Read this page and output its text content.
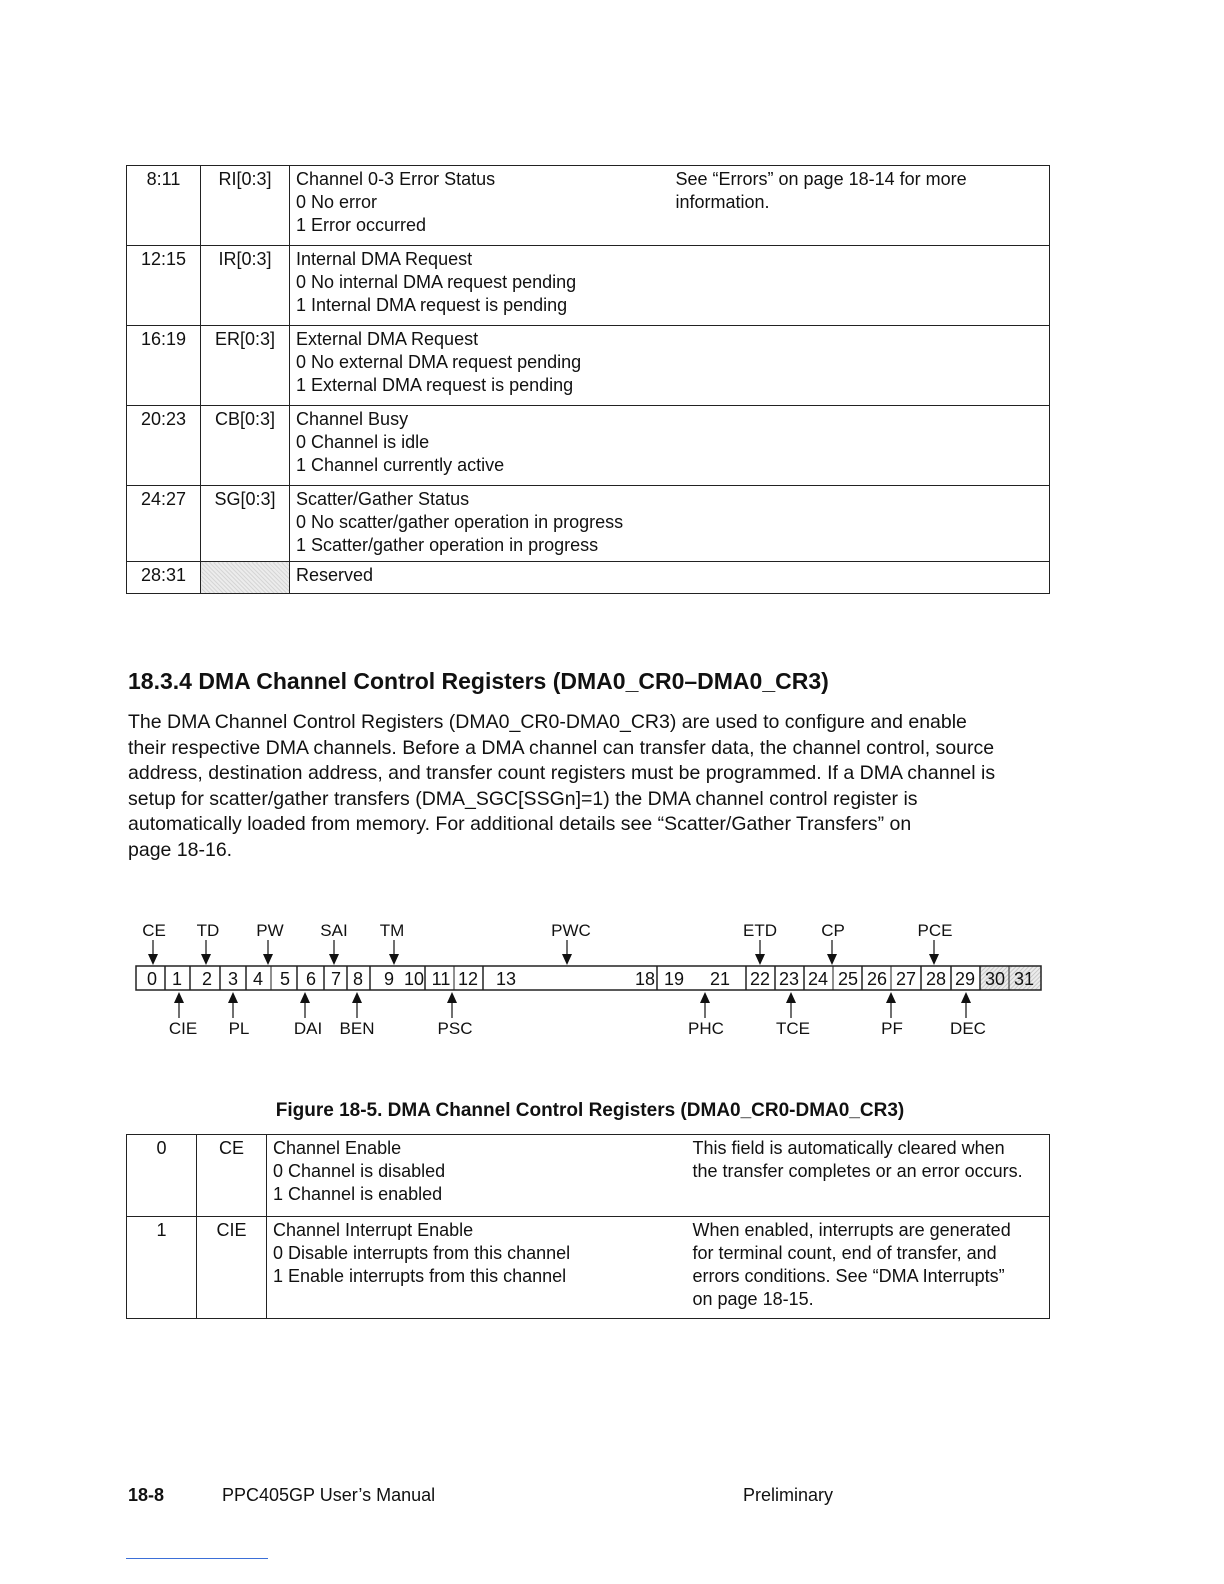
8:11	RI[0:3]	Channel 0-3 Error Status
0 No error
1 Error occurred	See “Errors” on page 18-14 for more
information.

12:15	IR[0:3]	Internal DMA Request
0 No internal DMA request pending
1 Internal DMA request is pending	

16:19	ER[0:3]	External DMA Request
0 No external DMA request pending
1 External DMA request is pending	

20:23	CB[0:3]	Channel Busy
0 Channel is idle
1 Channel currently active	

24:27	SG[0:3]	Scatter/Gather Status
0 No scatter/gather operation in progress
1 Scatter/gather operation in progress	

28:31		Reserved	

18.3.4 DMA Channel Control Registers (DMA0_CR0–DMA0_CR3)
The DMA Channel Control Registers (DMA0_CR0-DMA0_CR3) are used to configure and enable
their respective DMA channels. Before a DMA channel can transfer data, the channel control, source
address, destination address, and transfer count registers must be programmed. If a DMA channel is
setup for scatter/gather transfers (DMA_SGC[SSGn]=1) the DMA channel control register is
automatically loaded from memory. For additional details see “Scatter/Gather Transfers” on
page 18-16.
0 1 2 3 4 5 6 7 8 9 10 11 12 13	18 19 21 22 23 24 25 26 27 28 29 30 31
CE TD PW SAI TM	PWC	ETD	CP	PCE
CIE PL	DAI BEN	PSC	PHC	TCE	PF	DEC
Figure 18-5. DMA Channel Control Registers (DMA0_CR0-DMA0_CR3)
0	CE	Channel Enable
0 Channel is disabled
1 Channel is enabled	This field is automatically cleared when
the transfer completes or an error occurs.

1	CIE	Channel Interrupt Enable
0 Disable interrupts from this channel
1 Enable interrupts from this channel	When enabled, interrupts are generated
for terminal count, end of transfer, and
errors conditions. See “DMA Interrupts”
on page 18-15.
18-8	PPC405GP User’s Manual	Preliminary
